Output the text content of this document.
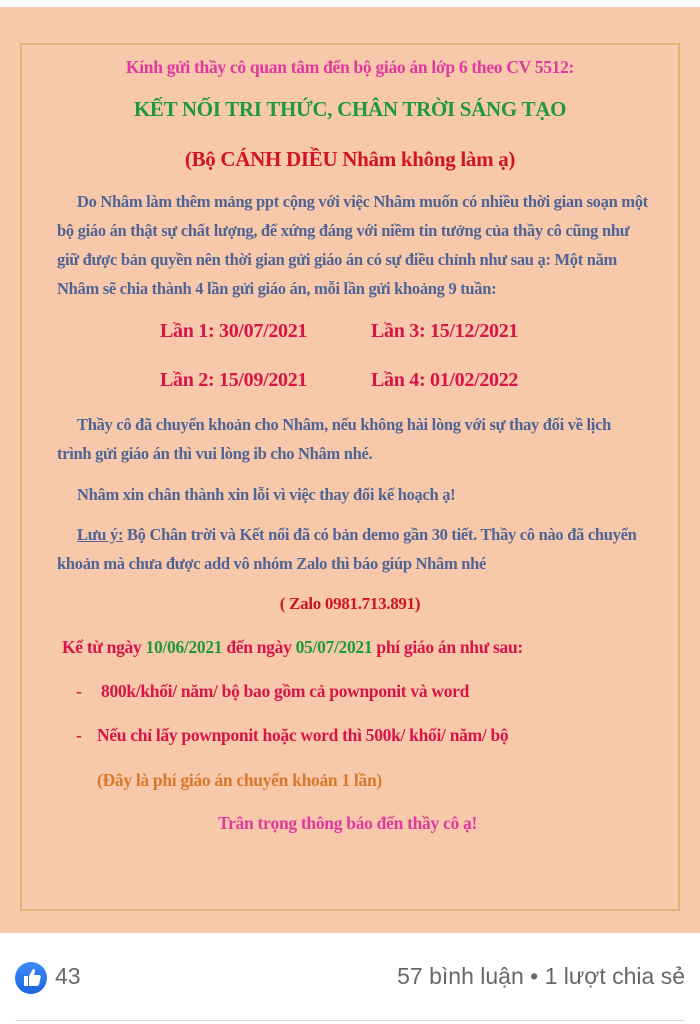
Kính gửi thầy cô quan tâm đến bộ giáo án lớp 6 theo CV 5512:
KẾT NỐI TRI THỨC, CHÂN TRỜI SÁNG TẠO
(Bộ CÁNH DIỀU Nhâm không làm ạ)
Do Nhâm làm thêm mảng ppt cộng với việc Nhâm muốn có nhiều thời gian soạn một
bộ giáo án thật sự chất lượng, để xứng đáng với niềm tin tưởng của thầy cô cũng như
giữ được bản quyền nên thời gian gửi giáo án có sự điều chỉnh như sau ạ: Một năm
Nhâm sẽ chia thành 4 lần gửi giáo án, mỗi lần gửi khoảng 9 tuần:
Lần 1: 30/07/2021	Lần 3: 15/12/2021
Lần 2: 15/09/2021	Lần 4: 01/02/2022
Thầy cô đã chuyển khoản cho Nhâm, nếu không hài lòng với sự thay đổi về lịch
trình gửi giáo án thì vui lòng ib cho Nhâm nhé.
Nhâm xin chân thành xin lỗi vì việc thay đổi kế hoạch ạ!
Lưu ý: Bộ Chân trời và Kết nối đã có bản demo gần 30 tiết. Thầy cô nào đã chuyển
khoản mà chưa được add vô nhóm Zalo thì báo giúp Nhâm nhé
( Zalo 0981.713.891)
Kể từ ngày 10/06/2021 đến ngày 05/07/2021 phí giáo án như sau:
- 800k/khối/ năm/ bộ bao gồm cả pownponit và word
- Nếu chỉ lấy pownponit hoặc word thì 500k/ khối/ năm/ bộ
(Đây là phí giáo án chuyển khoản 1 lần)
Trân trọng thông báo đến thầy cô ạ!
43	57 bình luận • 1 lượt chia sẻ
